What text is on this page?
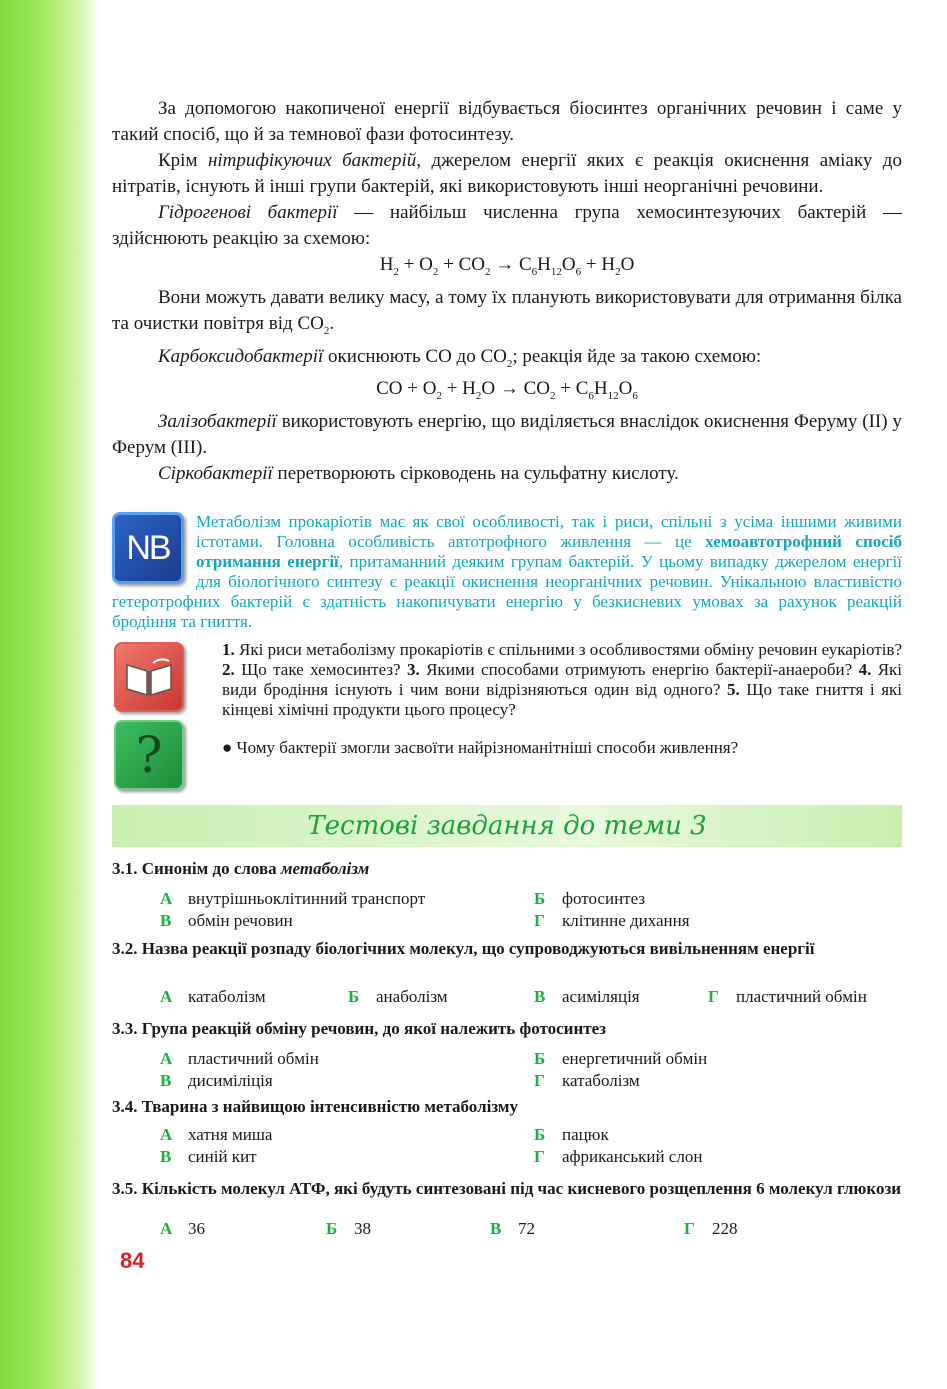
За допомогою накопиченої енергії відбувається біосинтез органічних речовин і саме у такий спосіб, що й за темнової фази фотосинтезу.

Крім нітрифікуючих бактерій, джерелом енергії яких є реакція окиснення аміаку до нітратів, існують й інші групи бактерій, які використовують інші неорганічні речовини.

Гідрогенові бактерії — найбільш численна група хемосинтезуючих бактерій — здійснюють реакцію за схемою:

$H_2 + O_2 + CO_2 \to C_6H_{12}O_6 + H_2O$

Вони можуть давати велику масу, а тому їх планують використовувати для отримання білка та очистки повітря від $СО_2$.

Карбоксидобактерії окиснюють СО до $СО_2$; реакція йде за такою схемою:

CO + $O_2 + H_2O \to CO_2 + C_6H_{12}O_6$

Залізобактерії використовують енергію, що виділяється внаслідок окиснення Феруму (II) у Ферум (III).

Сіркобактерії перетворюють сірководень на сульфатну кислоту.

NB

Метаболізм прокаріотів має як свої особливості, так і риси, спільні з усіма іншими живими істотами. Головна особливість автотрофного живлення — це хемоавтотрофний спосіб отримання енергії, притаманний деяким групам бактерій. У цьому випадку джерелом енергії для біологічного синтезу є реакції окиснення неорганічних речовин. Унікальною властивістю гетеротрофних бактерій є здатність накопичувати енергію у безкисневих умовах за рахунок реакцій бродіння та гниття.

1. Які риси метаболізму прокаріотів є спільними з особливостями обміну речовин еукаріотів? 2. Що таке хемосинтез? 3. Якими способами отримують енергію бактерії-анаероби? 4. Які види бродіння існують і чим вони відрізняються один від одного? 5. Що таке гниття і які кінцеві хімічні продукти цього процесу?

?	● Чому бактерії змогли засвоїти найрізноманітніші способи живлення?

Тестові завдання до теми 3

3.1. Синонім до слова метаболізм

А внутрішньоклітинний транспорт	Б фотосинтез
В обмін речовин	Г клітинне дихання

3.2. Назва реакції розпаду біологічних молекул, що супроводжуються вивільненням енергії

А катаболізм	Б анаболізм	В асиміляція	Г пластичний обмін

3.3. Група реакцій обміну речовин, до якої належить фотосинтез

А пластичний обмін	Б енергетичний обмін
В дисиміліція	Г катаболізм

3.4. Тварина з найвищою інтенсивністю метаболізму

А хатня миша	Б пацюк
В синій кит	Г африканський слон

3.5. Кількість молекул АТФ, які будуть синтезовані під час кисневого розщеплення 6 молекул глюкози

А 36	Б 38	В 72	Г 228
84
